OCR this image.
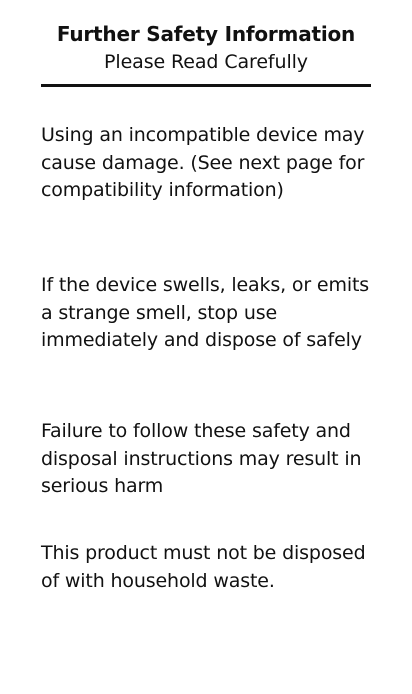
Further Safety Information
Please Read Carefully
Using an incompatible device may cause damage. (See next page for compatibility information)
If the device swells, leaks, or emits a strange smell, stop use immediately and dispose of safely
Failure to follow these safety and disposal instructions may result in serious harm
This product must not be disposed of with household waste.
